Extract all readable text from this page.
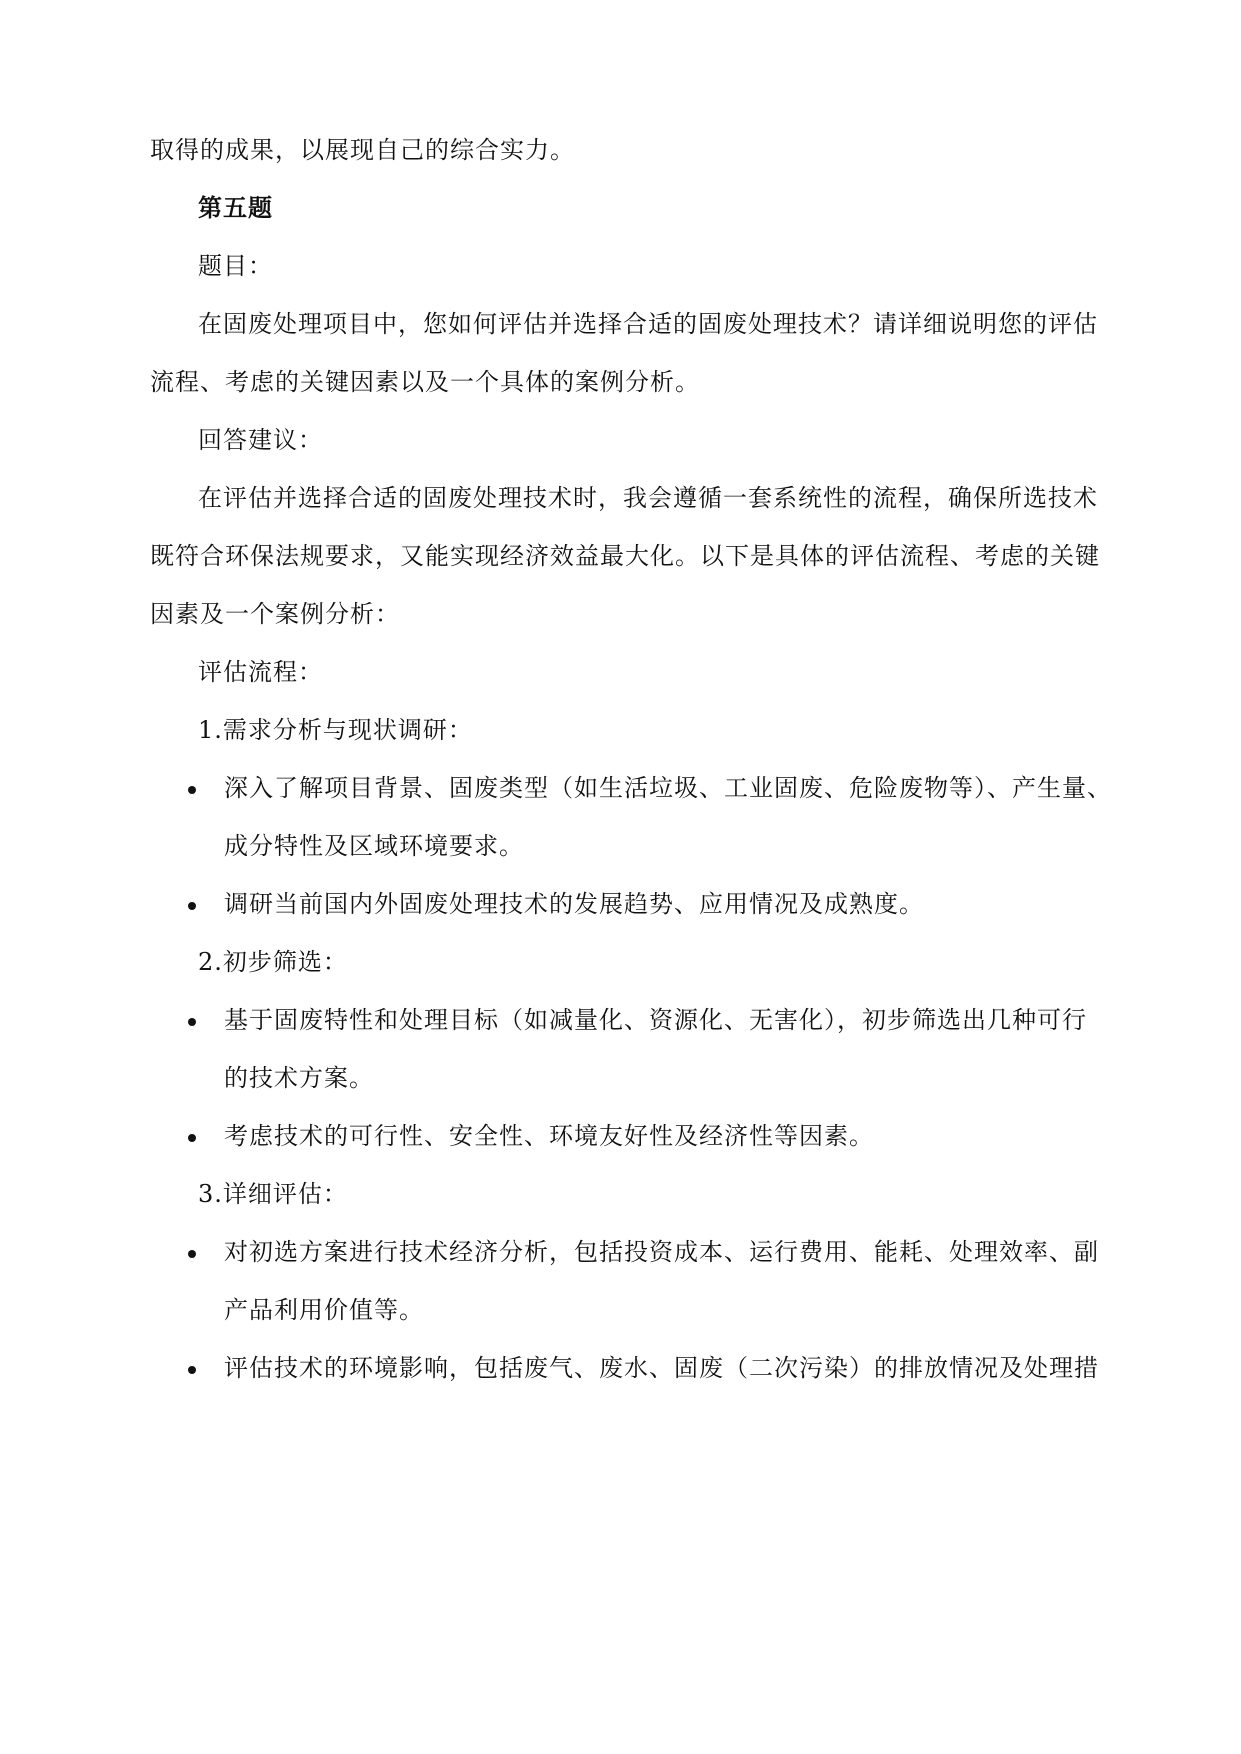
取得的成果，以展现自己的综合实力。
第五题
题目：
在固废处理项目中，您如何评估并选择合适的固废处理技术？请详细说明您的评估
流程、考虑的关键因素以及一个具体的案例分析。
回答建议：
在评估并选择合适的固废处理技术时，我会遵循一套系统性的流程，确保所选技术
既符合环保法规要求，又能实现经济效益最大化。以下是具体的评估流程、考虑的关键
因素及一个案例分析：
评估流程：
1.需求分析与现状调研：
深入了解项目背景、固废类型（如生活垃圾、工业固废、危险废物等）、产生量、
成分特性及区域环境要求。
调研当前国内外固废处理技术的发展趋势、应用情况及成熟度。
2.初步筛选：
基于固废特性和处理目标（如减量化、资源化、无害化），初步筛选出几种可行
的技术方案。
考虑技术的可行性、安全性、环境友好性及经济性等因素。
3.详细评估：
对初选方案进行技术经济分析，包括投资成本、运行费用、能耗、处理效率、副
产品利用价值等。
评估技术的环境影响，包括废气、废水、固废（二次污染）的排放情况及处理措
